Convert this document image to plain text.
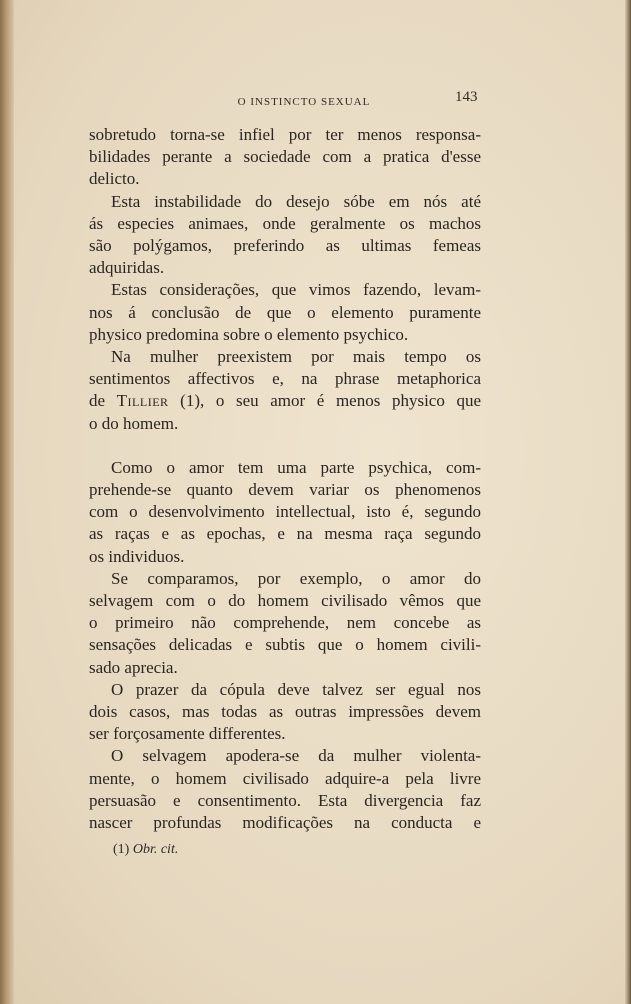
O INSTINCTO SEXUAL	143
sobretudo torna-se infiel por ter menos responsa-
bilidades perante a sociedade com a pratica d'esse
delicto.
Esta instabilidade do desejo sóbe em nós até
ás especies animaes, onde geralmente os machos
são polýgamos, preferindo as ultimas femeas
adquiridas.
Estas considerações, que vimos fazendo, levam-
nos á conclusão de que o elemento puramente
physico predomina sobre o elemento psychico.
Na mulher preexistem por mais tempo os
sentimentos affectivos e, na phrase metaphorica
de Tillier (1), o seu amor é menos physico que
o do homem.
Como o amor tem uma parte psychica, com-
prehende-se quanto devem variar os phenomenos
com o desenvolvimento intellectual, isto é, segundo
as raças e as epochas, e na mesma raça segundo
os individuos.
Se comparamos, por exemplo, o amor do
selvagem com o do homem civilisado vêmos que
o primeiro não comprehende, nem concebe as
sensações delicadas e subtis que o homem civili-
sado aprecia.
O prazer da cópula deve talvez ser egual nos
dois casos, mas todas as outras impressões devem
ser forçosamente differentes.
O selvagem apodera-se da mulher violenta-
mente, o homem civilisado adquire-a pela livre
persuasão e consentimento. Esta divergencia faz
nascer profundas modificações na conducta e
(1) Obr. cit.
